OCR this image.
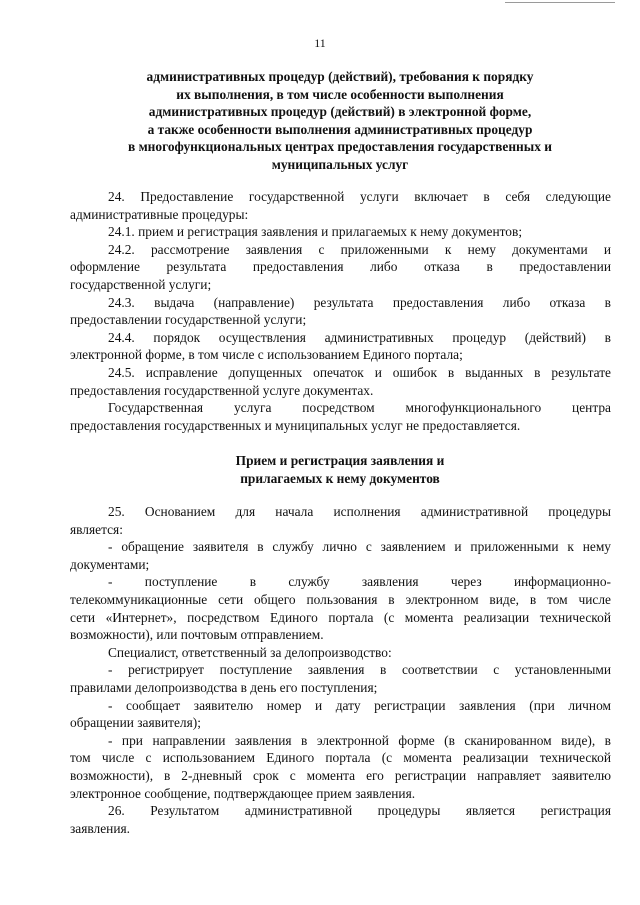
11
административных процедур (действий), требования к порядку
их выполнения, в том числе особенности выполнения
административных процедур (действий) в электронной форме,
а также особенности выполнения административных процедур
в многофункциональных центрах предоставления государственных и
муниципальных услуг
24. Предоставление государственной услуги включает в себя следующие
административные процедуры:
24.1. прием и регистрация заявления и прилагаемых к нему документов;
24.2. рассмотрение заявления с приложенными к нему документами и
оформление результата предоставления либо отказа в предоставлении
государственной услуги;
24.3. выдача (направление) результата предоставления либо отказа в
предоставлении государственной услуги;
24.4. порядок осуществления административных процедур (действий) в
электронной форме, в том числе с использованием Единого портала;
24.5. исправление допущенных опечаток и ошибок в выданных в результате
предоставления государственной услуге документах.
Государственная услуга посредством многофункционального центра
предоставления государственных и муниципальных услуг не предоставляется.
Прием и регистрация заявления и
прилагаемых к нему документов
25. Основанием для начала исполнения административной процедуры
является:
- обращение заявителя в службу лично с заявлением и приложенными к нему
документами;
- поступление в службу заявления через информационно-
телекоммуникационные сети общего пользования в электронном виде, в том числе
сети «Интернет», посредством Единого портала (с момента реализации технической
возможности), или почтовым отправлением.
Специалист, ответственный за делопроизводство:
- регистрирует поступление заявления в соответствии с установленными
правилами делопроизводства в день его поступления;
- сообщает заявителю номер и дату регистрации заявления (при личном
обращении заявителя);
- при направлении заявления в электронной форме (в сканированном виде), в
том числе с использованием Единого портала (с момента реализации технической
возможности), в 2-дневный срок с момента его регистрации направляет заявителю
электронное сообщение, подтверждающее прием заявления.
26. Результатом административной процедуры является регистрация
заявления.
